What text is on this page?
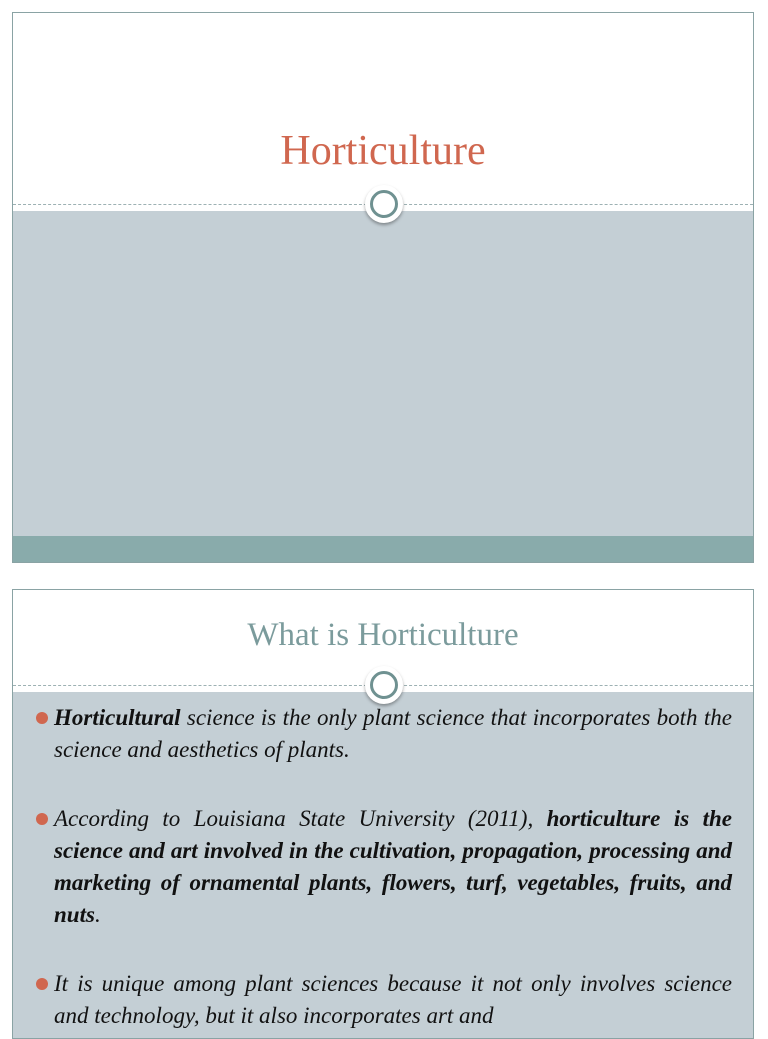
Horticulture
What is Horticulture
Horticultural science is the only plant science that incorporates both the science and aesthetics of plants.
According to Louisiana State University (2011), horticulture is the science and art involved in the cultivation, propagation, processing and marketing of ornamental plants, flowers, turf, vegetables, fruits, and nuts.
It is unique among plant sciences because it not only involves science and technology, but it also incorporates art and
